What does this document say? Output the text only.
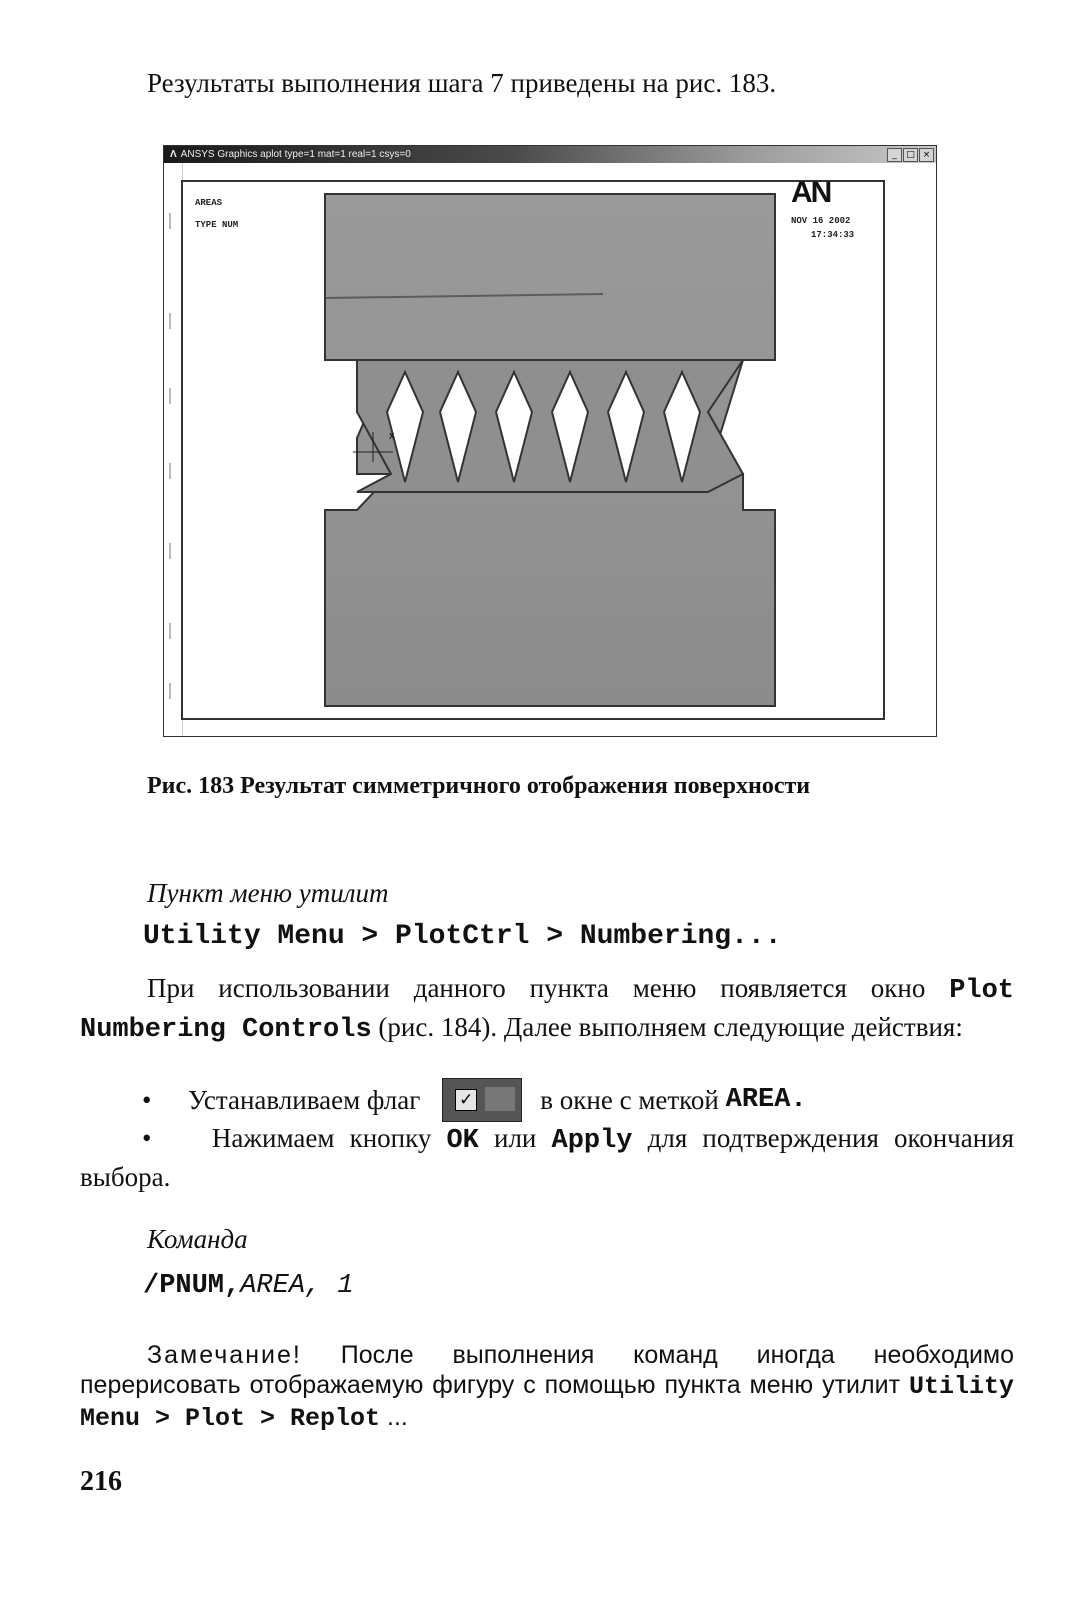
Результаты выполнения шага 7 приведены на рис. 183.
Λ ANSYS Graphics aplot type=1 mat=1 real=1 csys=0	_	□ ×
AREAS
TYPE NUM
AN
NOV 16 2002
17:34:33
X
Рис. 183 Результат симметричного отображения поверхности
Пункт меню утилит
Utility Menu > PlotCtrl > Numbering...
При использовании данного пункта меню появляется окно Plot Numbering Controls (рис. 184). Далее выполняем следующие действия:
•	Устанавливаем флаг ✓ в окне с меткой
AREA.
• Нажимаем кнопку OK или Apply для подтверждения окончания выбора.
Команда
/PNUM,AREA, 1
Замечание! После выполнения команд иногда необходимо перерисовать отображаемую фигуру с помощью пункта меню утилит Utility Menu > Plot > Replot ...
216
